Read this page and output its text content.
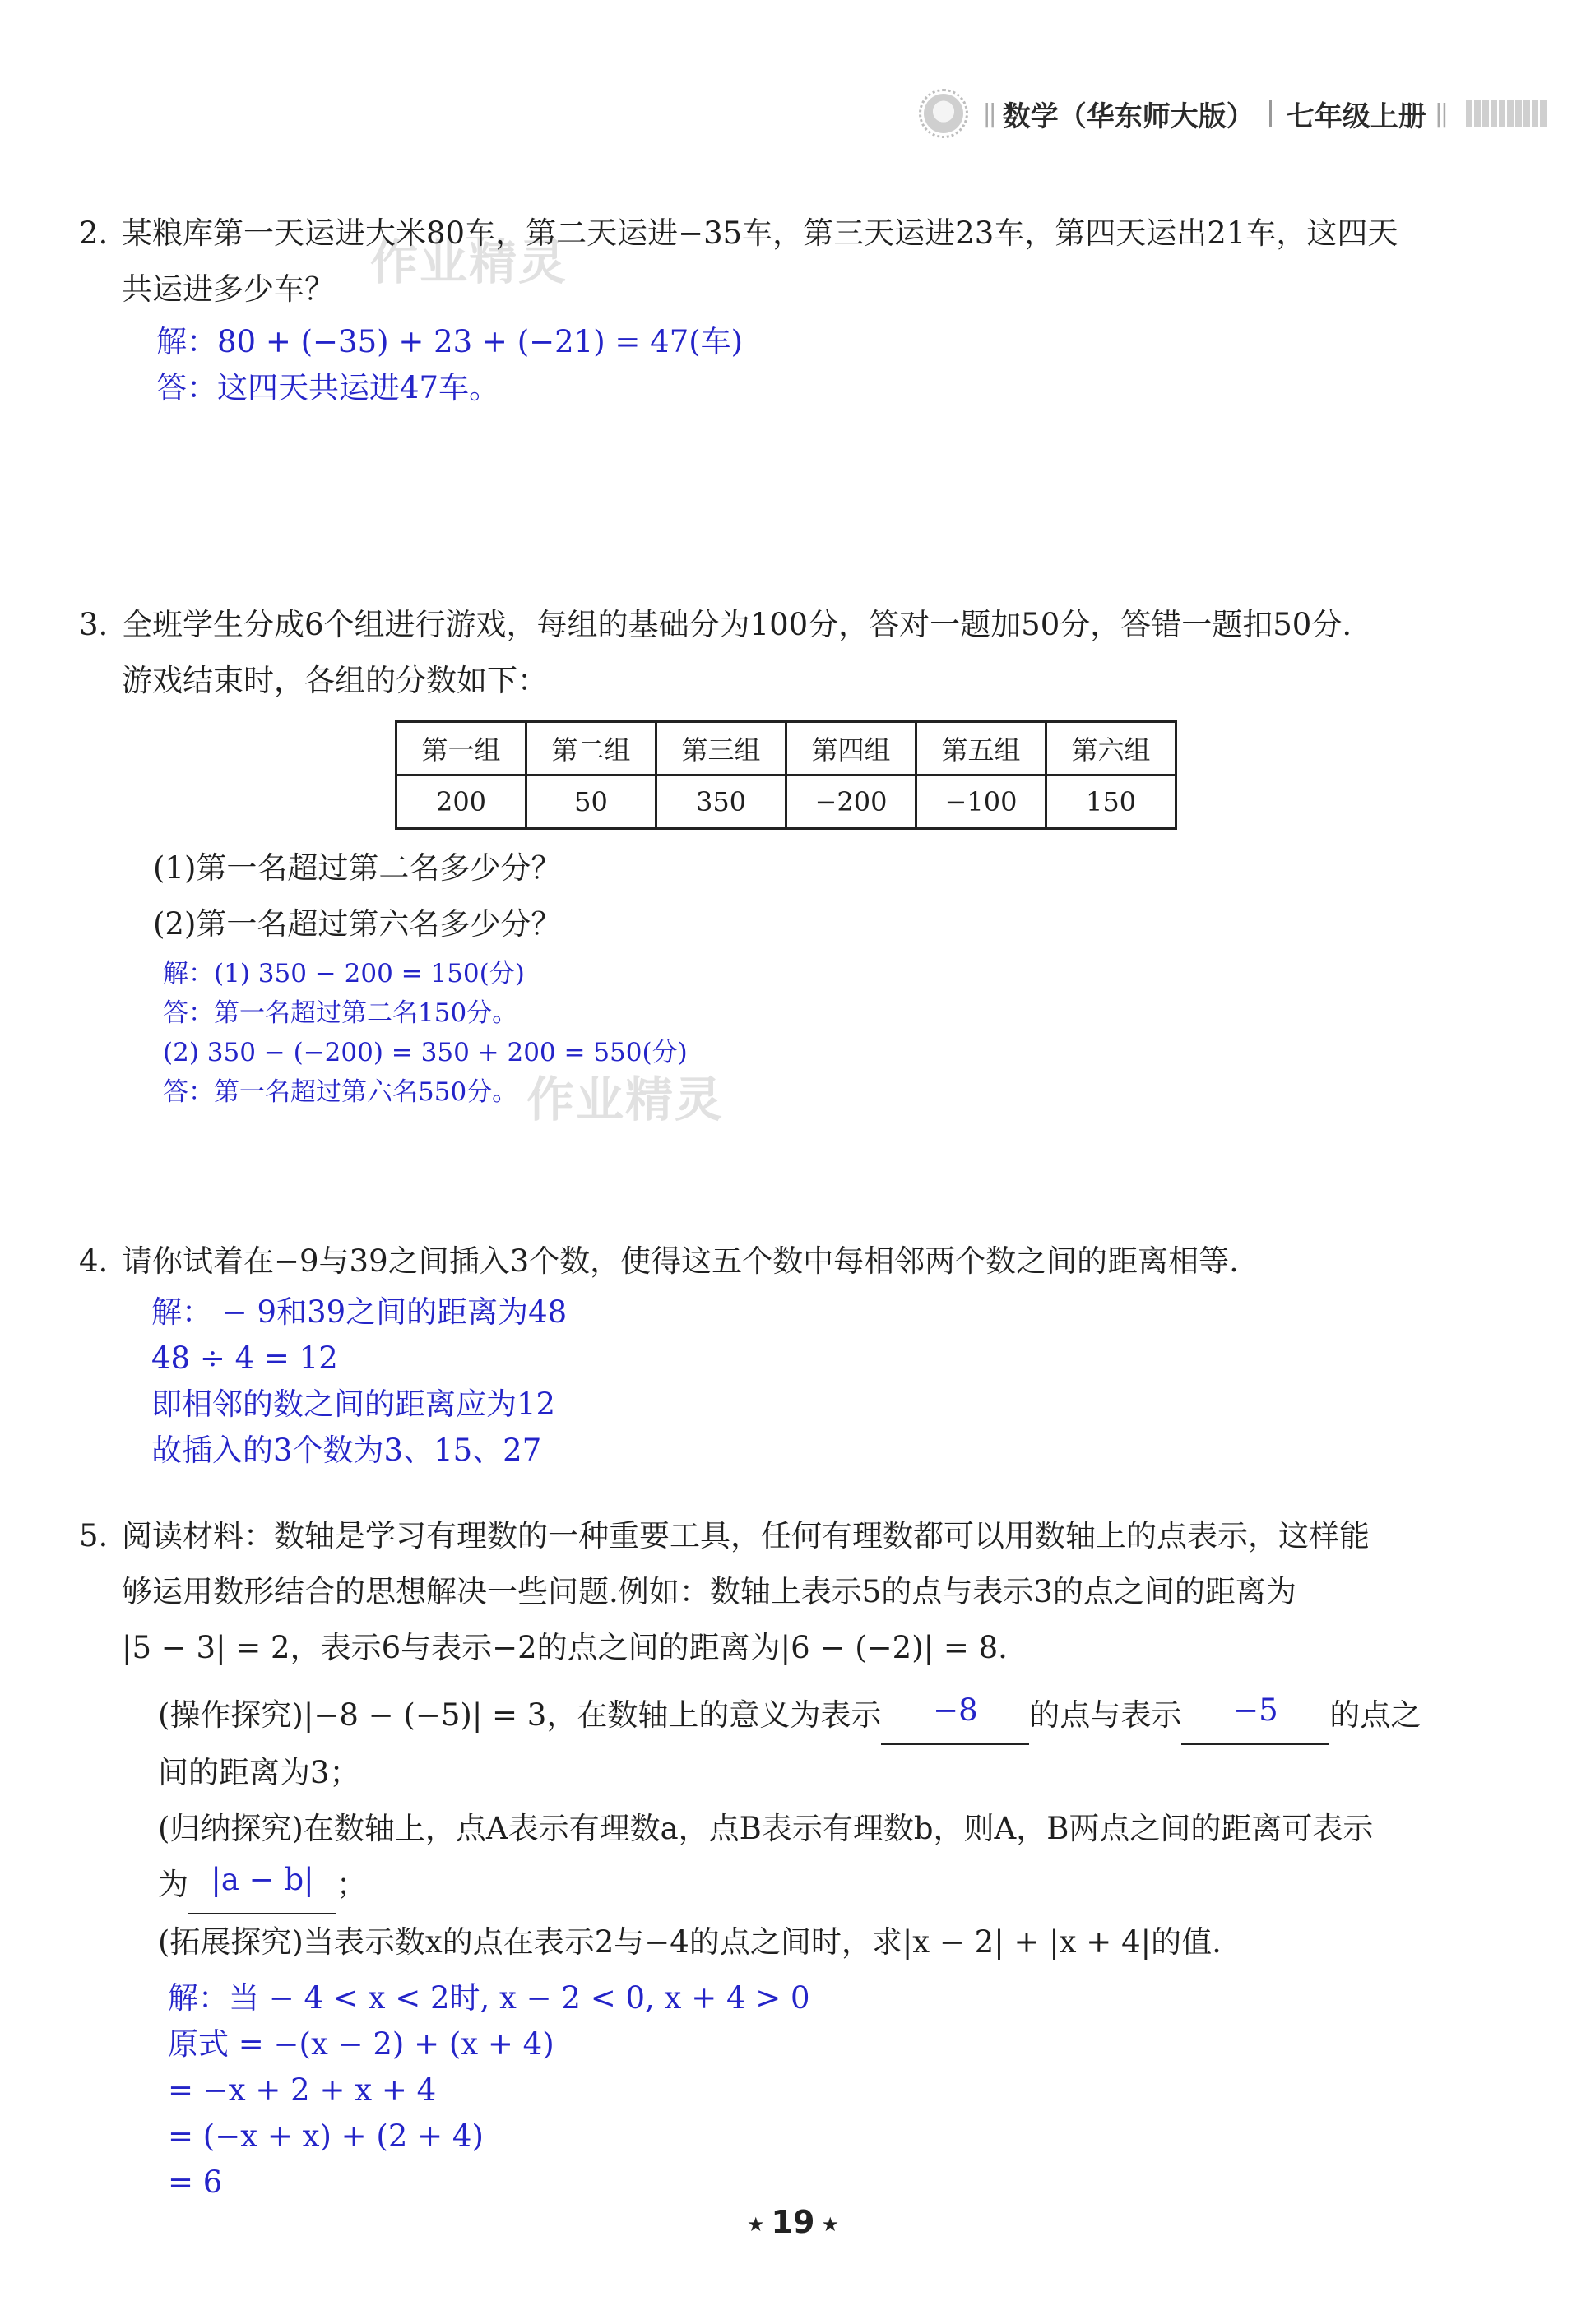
|| 数学（华东师大版） 七年级上册 ||
作业精灵
作业精灵
2. 某粮库第一天运进大米80车，第二天运进−35车，第三天运进23车，第四天运出21车，这四天
共运进多少车？
解：80 + (−35) + 23 + (−21) = 47(车)
答：这四天共运进47车。
3. 全班学生分成6个组进行游戏，每组的基础分为100分，答对一题加50分，答错一题扣50分.
游戏结束时，各组的分数如下：
第一组	第二组	第三组	第四组	第五组	第六组
200	50	350	−200	−100	150
(1)第一名超过第二名多少分？
(2)第一名超过第六名多少分？
解：(1) 350 − 200 = 150(分)
答：第一名超过第二名150分。
(2) 350 − (−200) = 350 + 200 = 550(分)
答：第一名超过第六名550分。
4. 请你试着在−9与39之间插入3个数，使得这五个数中每相邻两个数之间的距离相等.
解： − 9和39之间的距离为48
48 ÷ 4 = 12
即相邻的数之间的距离应为12
故插入的3个数为3、15、27
5. 阅读材料：数轴是学习有理数的一种重要工具，任何有理数都可以用数轴上的点表示，这样能
够运用数形结合的思想解决一些问题.例如：数轴上表示5的点与表示3的点之间的距离为
|5 − 3| = 2，表示6与表示−2的点之间的距离为|6 − (−2)| = 8.
(操作探究)|−8 − (−5)| = 3，在数轴上的意义为表示 −8 的点与表示 −5 的点之
间的距离为3；
(归纳探究)在数轴上，点A表示有理数a，点B表示有理数b，则A，B两点之间的距离可表示
为 |a − b| ；
(拓展探究)当表示数x的点在表示2与−4的点之间时，求|x − 2| + |x + 4|的值.
解：当 − 4 < x < 2时, x − 2 < 0, x + 4 > 0
原式 = −(x − 2) + (x + 4)
= −x + 2 + x + 4
= (−x + x) + (2 + 4)
= 6
★ 19 ★
